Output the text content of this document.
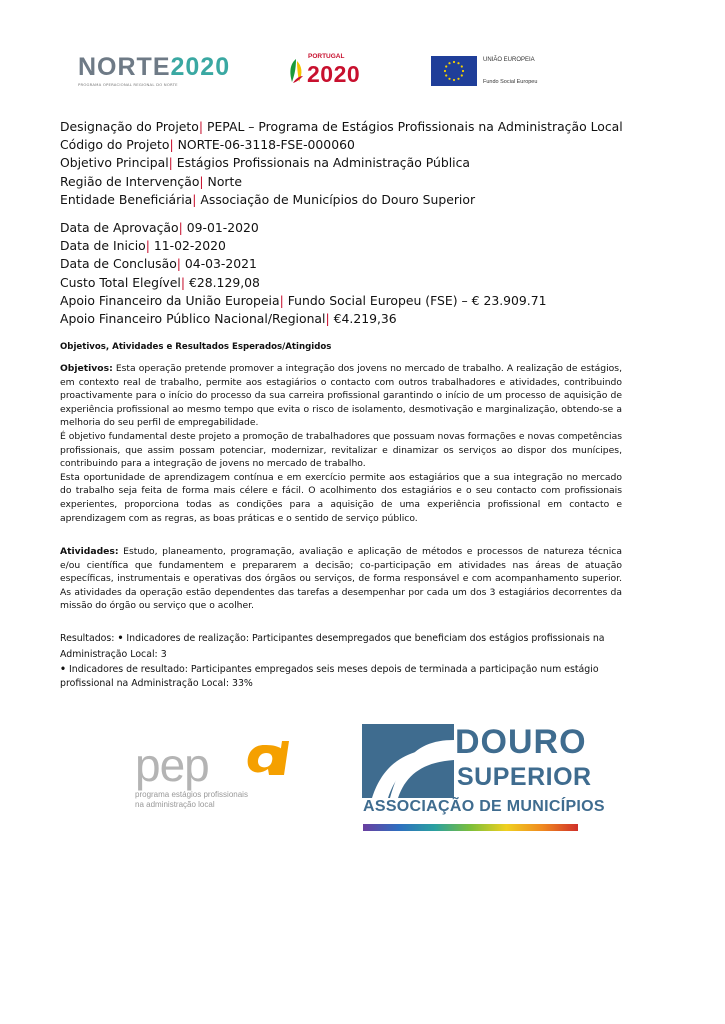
NORTE2020
PROGRAMA OPERACIONAL REGIONAL DO NORTE
PORTUGAL
2020
UNIÃO EUROPEIA
Fundo Social Europeu
Designação do Projeto| PEPAL – Programa de Estágios Profissionais na Administração Local
Código do Projeto| NORTE-06-3118-FSE-000060
Objetivo Principal| Estágios Profissionais na Administração Pública
Região de Intervenção| Norte
Entidade Beneficiária| Associação de Municípios do Douro Superior
Data de Aprovação| 09-01-2020
Data de Inicio| 11-02-2020
Data de Conclusão| 04-03-2021
Custo Total Elegível| €28.129,08
Apoio Financeiro da União Europeia| Fundo Social Europeu (FSE) – € 23.909.71
Apoio Financeiro Público Nacional/Regional| €4.219,36
Objetivos, Atividades e Resultados Esperados/Atingidos

Objetivos: Esta operação pretende promover a integração dos jovens no mercado de trabalho. A realização de estágios, em contexto real de trabalho, permite aos estagiários o contacto com outros trabalhadores e atividades, contribuindo proactivamente para o início do processo da sua carreira profissional garantindo o início de um processo de aquisição de experiência profissional ao mesmo tempo que evita o risco de isolamento, desmotivação e marginalização, obtendo-se a melhoria do seu perfil de empregabilidade.

É objetivo fundamental deste projeto a promoção de trabalhadores que possuam novas formações e novas competências profissionais, que assim possam potenciar, modernizar, revitalizar e dinamizar os serviços ao dispor dos munícipes, contribuindo para a integração de jovens no mercado de trabalho.

Esta oportunidade de aprendizagem contínua e em exercício permite aos estagiários que a sua integração no mercado do trabalho seja feita de forma mais célere e fácil. O acolhimento dos estagiários e o seu contacto com profissionais experientes, proporciona todas as condições para a aquisição de uma experiência profissional em contacto e aprendizagem com as regras, as boas práticas e o sentido de serviço público.

Atividades: Estudo, planeamento, programação, avaliação e aplicação de métodos e processos de natureza técnica e/ou científica que fundamentem e prepararem a decisão; co-participação em atividades nas áreas de atuação específicas, instrumentais e operativas dos órgãos ou serviços, de forma responsável e com acompanhamento superior. As atividades da operação estão dependentes das tarefas a desempenhar por cada um dos 3 estagiários decorrentes da missão do órgão ou serviço que o acolher.

Resultados: • Indicadores de realização: Participantes desempregados que beneficiam dos estágios profissionais na Administração Local: 3

• Indicadores de resultado: Participantes empregados seis meses depois de terminada a participação num estágio profissional na Administração Local: 33%

pep
programa estágios profissionais
na administração local
DOURO
SUPERIOR
ASSOCIAÇÃO DE MUNICÍPIOS
